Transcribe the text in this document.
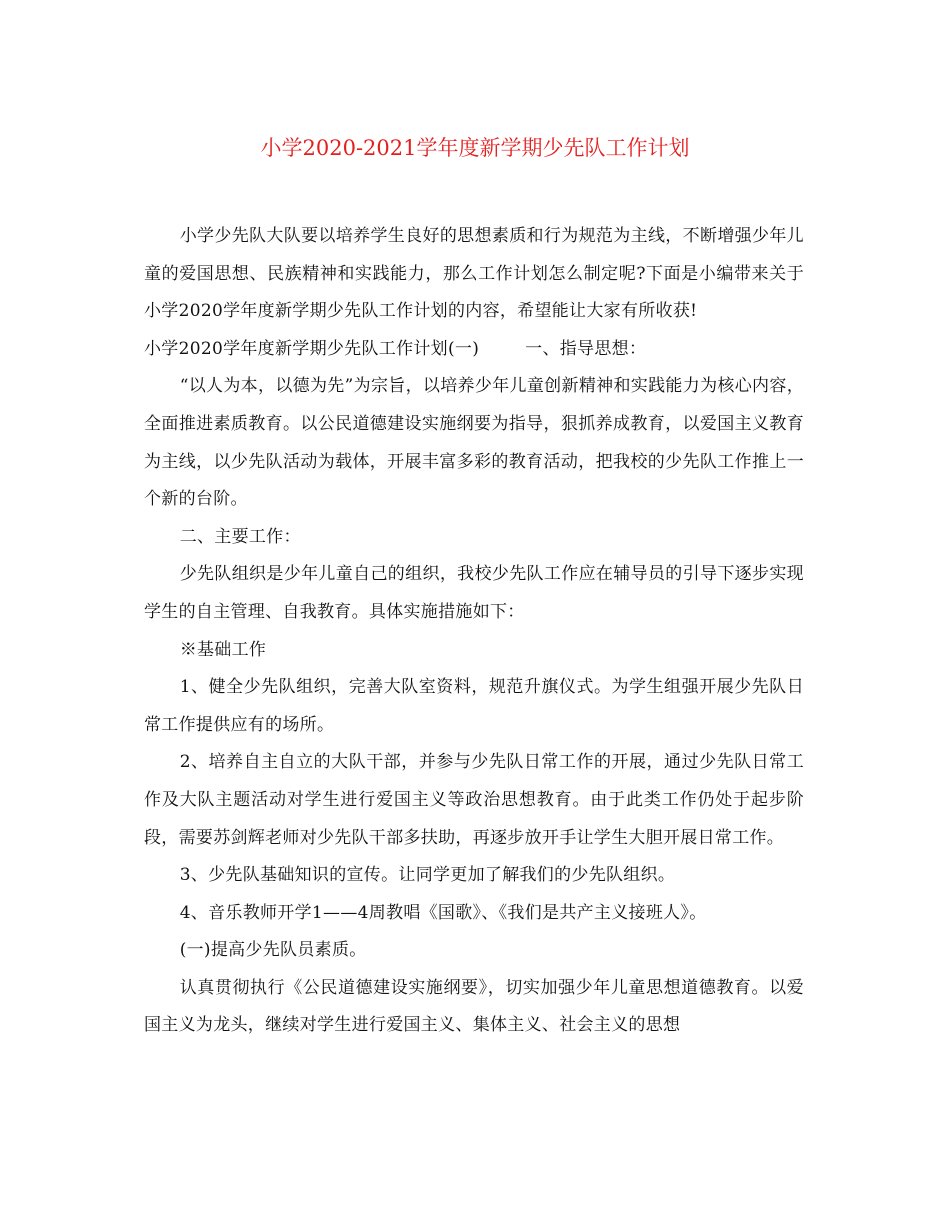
小学2020-2021学年度新学期少先队工作计划

小学少先队大队要以培养学生良好的思想素质和行为规范为主线，不断增强少年儿童的爱国思想、民族精神和实践能力，那么工作计划怎么制定呢?下面是小编带来关于小学2020学年度新学期少先队工作计划的内容，希望能让大家有所收获!

小学2020学年度新学期少先队工作计划(一)	一、指导思想：

“以人为本，以德为先”为宗旨，以培养少年儿童创新精神和实践能力为核心内容，全面推进素质教育。以公民道德建设实施纲要为指导，狠抓养成教育，以爱国主义教育为主线，以少先队活动为载体，开展丰富多彩的教育活动，把我校的少先队工作推上一个新的台阶。

二、主要工作：

少先队组织是少年儿童自己的组织，我校少先队工作应在辅导员的引导下逐步实现学生的自主管理、自我教育。具体实施措施如下：

※基础工作

1、健全少先队组织，完善大队室资料，规范升旗仪式。为学生组强开展少先队日常工作提供应有的场所。

2、培养自主自立的大队干部，并参与少先队日常工作的开展，通过少先队日常工作及大队主题活动对学生进行爱国主义等政治思想教育。由于此类工作仍处于起步阶段，需要苏剑辉老师对少先队干部多扶助，再逐步放开手让学生大胆开展日常工作。

3、少先队基础知识的宣传。让同学更加了解我们的少先队组织。

4、音乐教师开学1——4周教唱《国歌》、《我们是共产主义接班人》。

(一)提高少先队员素质。

认真贯彻执行《公民道德建设实施纲要》，切实加强少年儿童思想道德教育。以爱国主义为龙头，继续对学生进行爱国主义、集体主义、社会主义的思想
